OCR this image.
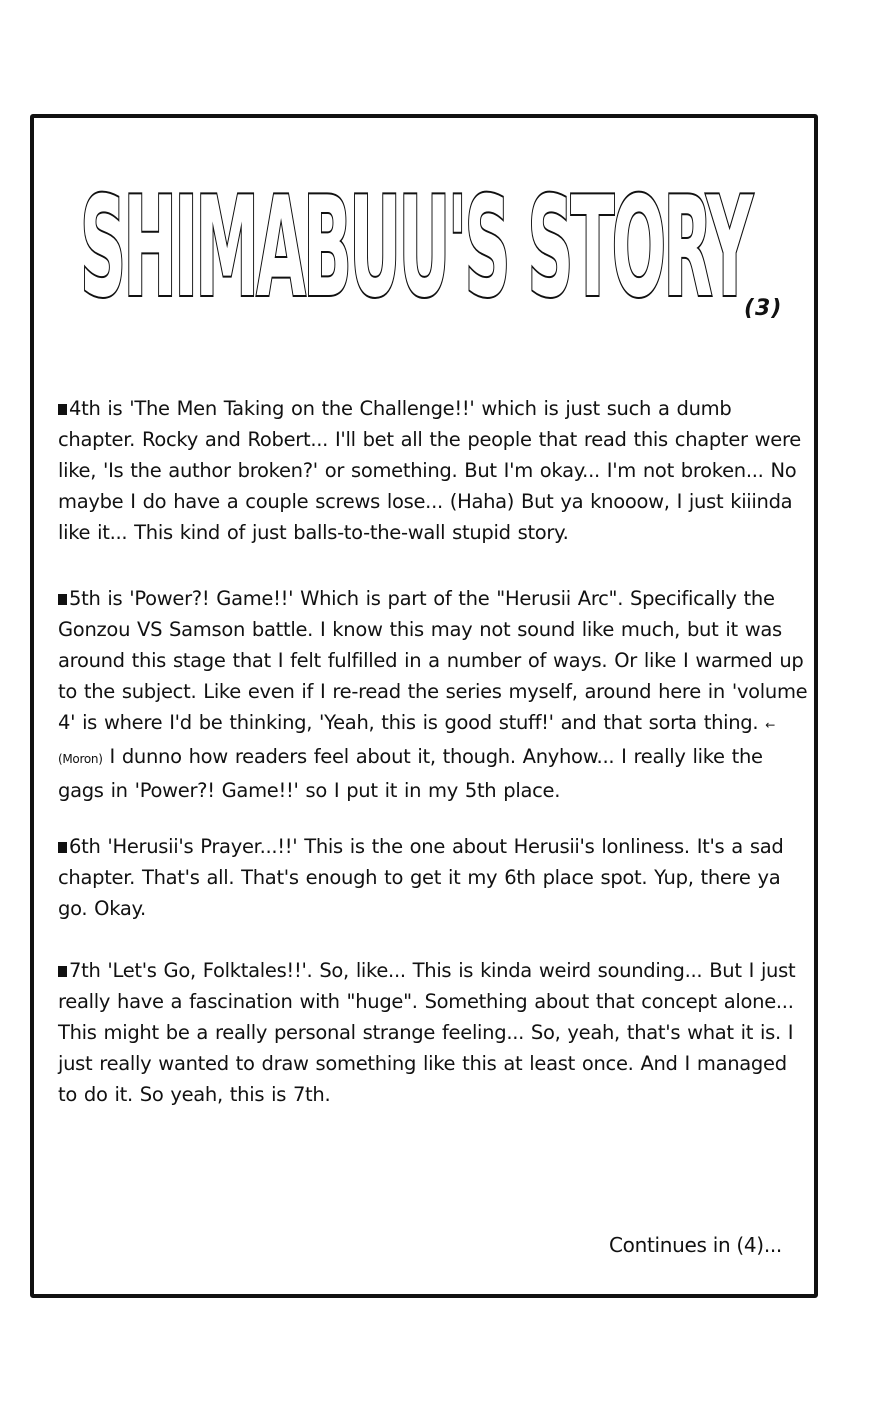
SHIMABUU'S STORY
(3)

4th is 'The Men Taking on the Challenge!!' which is just such a dumb chapter. Rocky and Robert... I'll bet all the people that read this chapter were like, 'Is the author broken?' or something. But I'm okay... I'm not broken... No maybe I do have a couple screws lose... (Haha) But ya knooow, I just kiiinda like it... This kind of just balls-to-the-wall stupid story.

5th is 'Power?! Game!!' Which is part of the "Herusii Arc". Specifically the Gonzou VS Samson battle. I know this may not sound like much, but it was around this stage that I felt fulfilled in a number of ways. Or like I warmed up to the subject. Like even if I re-read the series myself, around here in 'volume 4' is where I'd be thinking, 'Yeah, this is good stuff!' and that sorta thing. ← (Moron) I dunno how readers feel about it, though. Anyhow... I really like the gags in 'Power?! Game!!' so I put it in my 5th place.

6th 'Herusii's Prayer...!!' This is the one about Herusii's lonliness. It's a sad chapter. That's all. That's enough to get it my 6th place spot. Yup, there ya go. Okay.

7th 'Let's Go, Folktales!!'. So, like... This is kinda weird sounding... But I just really have a fascination with "huge". Something about that concept alone... This might be a really personal strange feeling... So, yeah, that's what it is. I just really wanted to draw something like this at least once. And I managed to do it. So yeah, this is 7th.

Continues in (4)...
